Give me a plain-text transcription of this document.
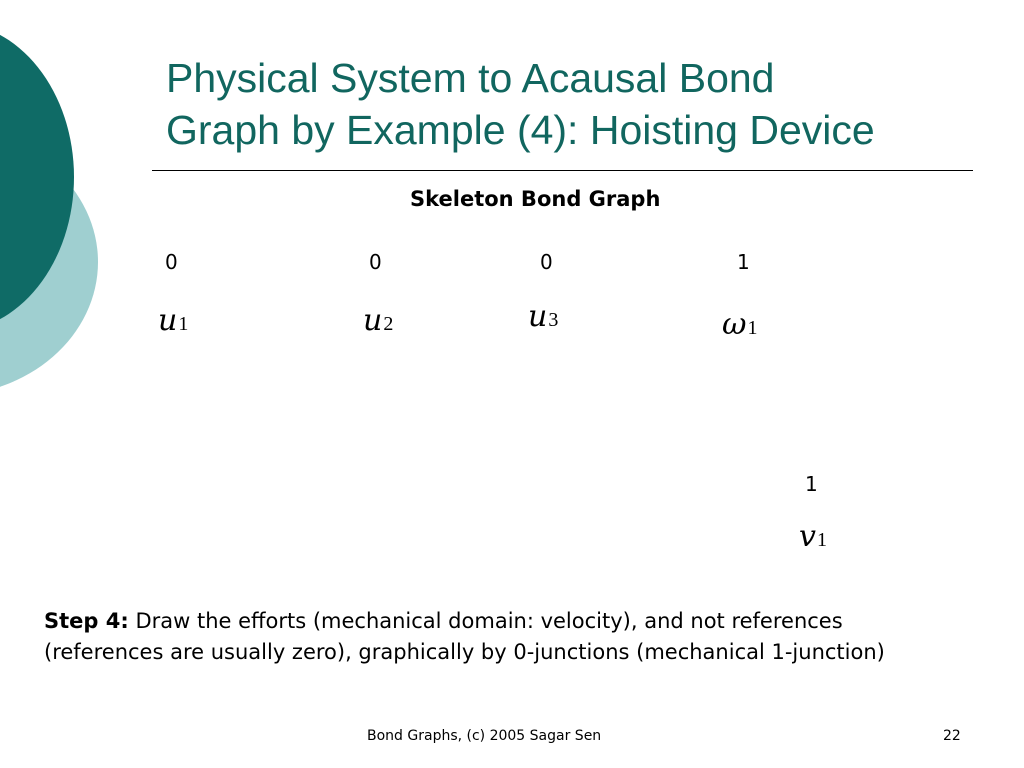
Physical System to Acausal Bond
Graph by Example (4): Hoisting Device
Skeleton Bond Graph
0
u1
0
u2
0
u3
1
ω1
1
v1

Step 4: Draw the efforts (mechanical domain: velocity), and not references (references are usually zero), graphically by 0-junctions (mechanical 1-junction)

Bond Graphs, (c) 2005 Sagar Sen	22
